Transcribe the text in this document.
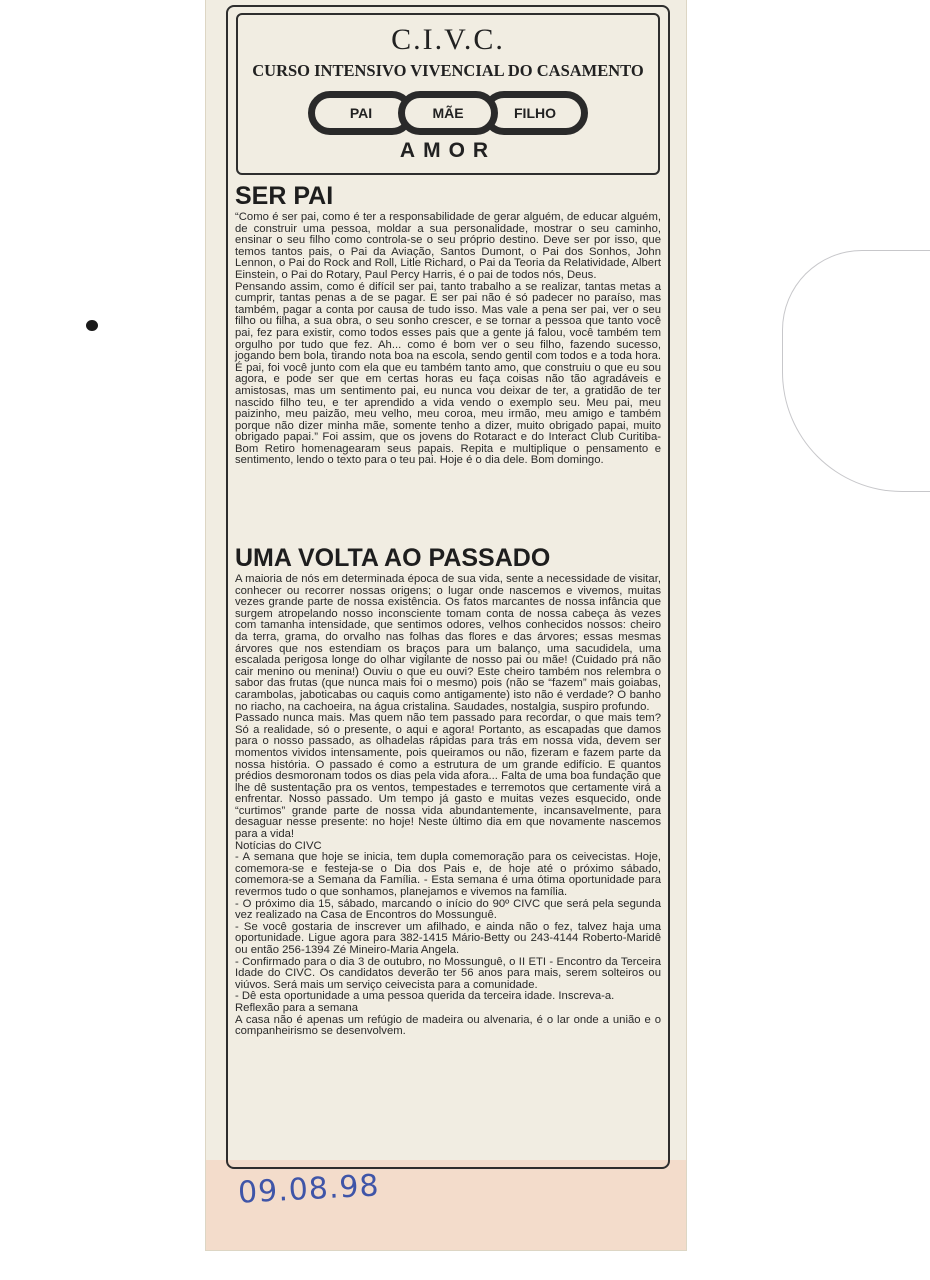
C.I.V.C.
CURSO INTENSIVO VIVENCIAL DO CASAMENTO
PAI	MÃE	FILHO
AMOR
SER PAI

“Como é ser pai, como é ter a responsabilidade de gerar alguém, de educar alguém, de construir uma pessoa, moldar a sua personalidade, mostrar o seu caminho, ensinar o seu filho como controla-se o seu próprio destino. Deve ser por isso, que temos tantos pais, o Pai da Aviação, Santos Dumont, o Pai dos Sonhos, John Lennon, o Pai do Rock and Roll, Litle Richard, o Pai da Teoria da Relatividade, Albert Einstein, o Pai do Rotary, Paul Percy Harris, é o pai de todos nós, Deus.

Pensando assim, como é difícil ser pai, tanto trabalho a se realizar, tantas metas a cumprir, tantas penas a de se pagar. E ser pai não é só padecer no paraíso, mas também, pagar a conta por causa de tudo isso. Mas vale a pena ser pai, ver o seu filho ou filha, a sua obra, o seu sonho crescer, e se tornar a pessoa que tanto você pai, fez para existir, como todos esses pais que a gente já falou, você também tem orgulho por tudo que fez. Ah... como é bom ver o seu filho, fazendo sucesso, jogando bem bola, tirando nota boa na escola, sendo gentil com todos e a toda hora. É pai, foi você junto com ela que eu também tanto amo, que construiu o que eu sou agora, e pode ser que em certas horas eu faça coisas não tão agradáveis e amistosas, mas um sentimento pai, eu nunca vou deixar de ter, a gratidão de ter nascido filho teu, e ter aprendido a vida vendo o exemplo seu. Meu pai, meu paizinho, meu paizão, meu velho, meu coroa, meu irmão, meu amigo e também porque não dizer minha mãe, somente tenho a dizer, muito obrigado papai, muito obrigado papai.” Foi assim, que os jovens do Rotaract e do Interact Club Curitiba- Bom Retiro homenagearam seus papais. Repita e multiplique o pensamento e sentimento, lendo o texto para o teu pai. Hoje é o dia dele. Bom domingo.

UMA VOLTA AO PASSADO

A maioria de nós em determinada época de sua vida, sente a necessidade de visitar, conhecer ou recorrer nossas origens; o lugar onde nascemos e vivemos, muitas vezes grande parte de nossa existência. Os fatos marcantes de nossa infância que surgem atropelando nosso inconsciente tomam conta de nossa cabeça às vezes com tamanha intensidade, que sentimos odores, velhos conhecidos nossos: cheiro da terra, grama, do orvalho nas folhas das flores e das árvores; essas mesmas árvores que nos estendiam os braços para um balanço, uma sacudidela, uma escalada perigosa longe do olhar vigilante de nosso pai ou mãe! (Cuidado prá não cair menino ou menina!) Ouviu o que eu ouvi? Este cheiro também nos relembra o sabor das frutas (que nunca mais foi o mesmo) pois (não se “fazem” mais goiabas, carambolas, jaboticabas ou caquis como antigamente) isto não é verdade? O banho no riacho, na cachoeira, na água cristalina. Saudades, nostalgia, suspiro profundo.

Passado nunca mais. Mas quem não tem passado para recordar, o que mais tem? Só a realidade, só o presente, o aqui e agora! Portanto, as escapadas que damos para o nosso passado, as olhadelas rápidas para trás em nossa vida, devem ser momentos vividos intensamente, pois queiramos ou não, fizeram e fazem parte da nossa história. O passado é como a estrutura de um grande edifício. E quantos prédios desmoronam todos os dias pela vida afora... Falta de uma boa fundação que lhe dê sustentação pra os ventos, tempestades e terremotos que certamente virá a enfrentar. Nosso passado. Um tempo já gasto e muitas vezes esquecido, onde “curtimos” grande parte de nossa vida abundantemente, incansavelmente, para desaguar nesse presente: no hoje! Neste último dia em que novamente nascemos para a vida!

Notícias do CIVC

- A semana que hoje se inicia, tem dupla comemoração para os ceivecistas. Hoje, comemora-se e festeja-se o Dia dos Pais e, de hoje até o próximo sábado, comemora-se a Semana da Família. - Esta semana é uma ótima oportunidade para revermos tudo o que sonhamos, planejamos e vivemos na família.

- O próximo dia 15, sábado, marcando o início do 90º CIVC que será pela segunda vez realizado na Casa de Encontros do Mossunguê.

- Se você gostaria de inscrever um afilhado, e ainda não o fez, talvez haja uma oportunidade. Ligue agora para 382-1415 Mário-Betty ou 243-4144 Roberto-Maridê ou então 256-1394 Zé Mineiro-Maria Angela.

- Confirmado para o dia 3 de outubro, no Mossunguê, o II ETI - Encontro da Terceira Idade do CIVC. Os candidatos deverão ter 56 anos para mais, serem solteiros ou viúvos. Será mais um serviço ceivecista para a comunidade.

- Dê esta oportunidade a uma pessoa querida da terceira idade. Inscreva-a.

Reflexão para a semana

A casa não é apenas um refúgio de madeira ou alvenaria, é o lar onde a união e o companheirismo se desenvolvem.

09.08.98
